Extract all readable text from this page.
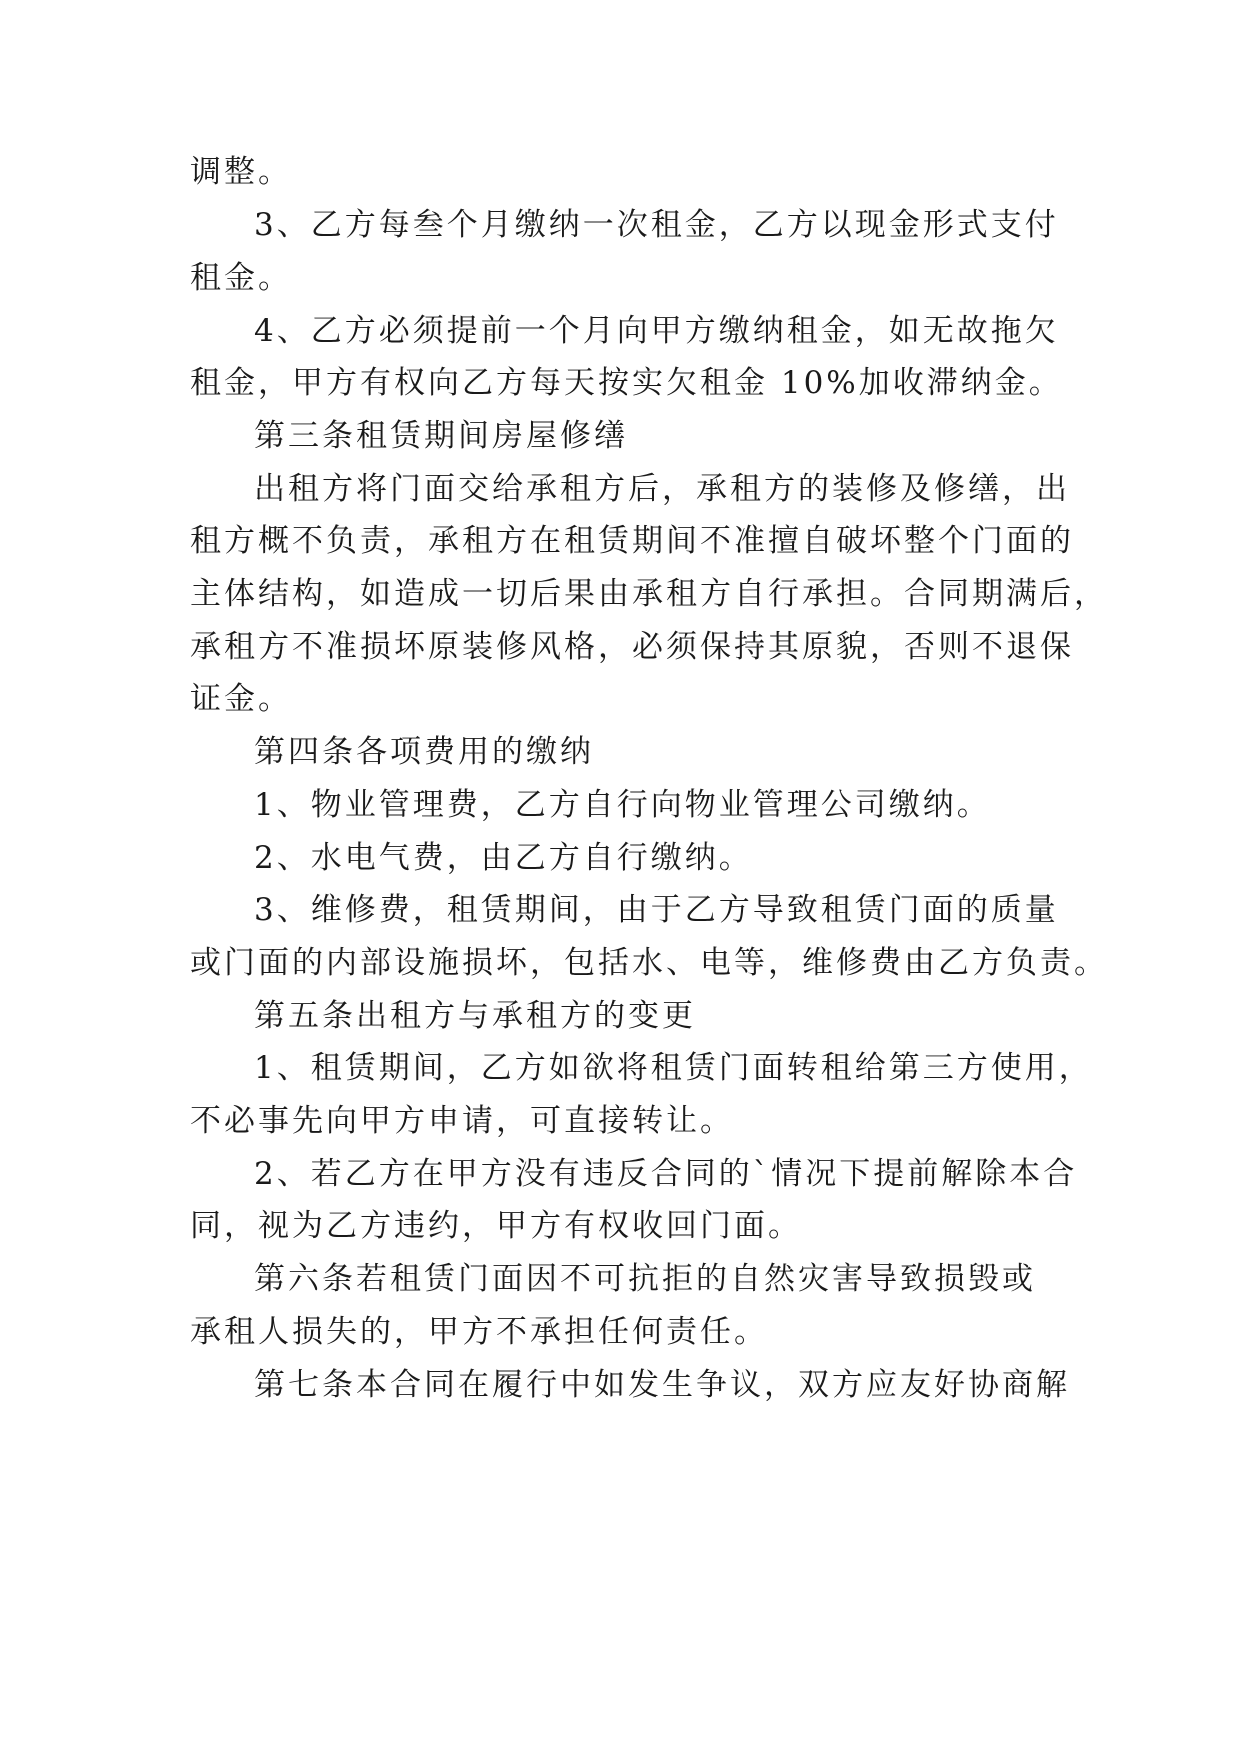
调整。
3、乙方每叁个月缴纳一次租金，乙方以现金形式支付
租金。
4、乙方必须提前一个月向甲方缴纳租金，如无故拖欠
租金，甲方有权向乙方每天按实欠租金 10%加收滞纳金。
第三条租赁期间房屋修缮
出租方将门面交给承租方后，承租方的装修及修缮，出
租方概不负责，承租方在租赁期间不准擅自破坏整个门面的
主体结构，如造成一切后果由承租方自行承担。合同期满后，
承租方不准损坏原装修风格，必须保持其原貌，否则不退保
证金。
第四条各项费用的缴纳
1、物业管理费，乙方自行向物业管理公司缴纳。
2、水电气费，由乙方自行缴纳。
3、维修费，租赁期间，由于乙方导致租赁门面的质量
或门面的内部设施损坏，包括水、电等，维修费由乙方负责。
第五条出租方与承租方的变更
1、租赁期间，乙方如欲将租赁门面转租给第三方使用，
不必事先向甲方申请，可直接转让。
2、若乙方在甲方没有违反合同的`情况下提前解除本合
同，视为乙方违约，甲方有权收回门面。
第六条若租赁门面因不可抗拒的自然灾害导致损毁或
承租人损失的，甲方不承担任何责任。
第七条本合同在履行中如发生争议，双方应友好协商解
